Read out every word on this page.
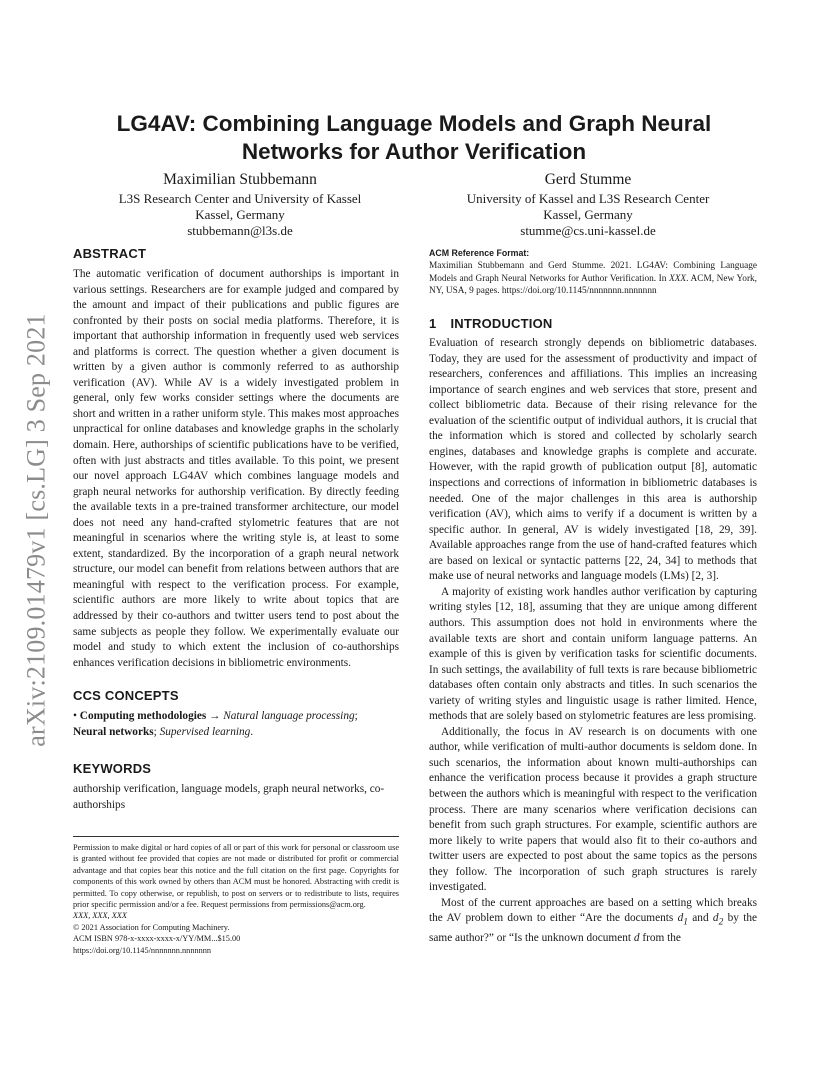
arXiv:2109.01479v1 [cs.LG] 3 Sep 2021
LG4AV: Combining Language Models and Graph Neural Networks for Author Verification
Maximilian Stubbemann
L3S Research Center and University of Kassel
Kassel, Germany
stubbemann@l3s.de
Gerd Stumme
University of Kassel and L3S Research Center
Kassel, Germany
stumme@cs.uni-kassel.de
ABSTRACT

The automatic verification of document authorships is important in various settings. Researchers are for example judged and compared by the amount and impact of their publications and public figures are confronted by their posts on social media platforms. Therefore, it is important that authorship information in frequently used web services and platforms is correct. The question whether a given document is written by a given author is commonly referred to as authorship verification (AV). While AV is a widely investigated problem in general, only few works consider settings where the documents are short and written in a rather uniform style. This makes most approaches unpractical for online databases and knowledge graphs in the scholarly domain. Here, authorships of scientific publications have to be verified, often with just abstracts and titles available. To this point, we present our novel approach LG4AV which combines language models and graph neural networks for authorship verification. By directly feeding the available texts in a pre-trained transformer architecture, our model does not need any hand-crafted stylometric features that are not meaningful in scenarios where the writing style is, at least to some extent, standardized. By the incorporation of a graph neural network structure, our model can benefit from relations between authors that are meaningful with respect to the verification process. For example, scientific authors are more likely to write about topics that are addressed by their co-authors and twitter users tend to post about the same subjects as people they follow. We experimentally evaluate our model and study to which extent the inclusion of co-authorships enhances verification decisions in bibliometric environments.

CCS CONCEPTS

• Computing methodologies → Natural language processing;
Neural networks; Supervised learning.

KEYWORDS

authorship verification, language models, graph neural networks, co-authorships

Permission to make digital or hard copies of all or part of this work for personal or classroom use is granted without fee provided that copies are not made or distributed for profit or commercial advantage and that copies bear this notice and the full citation on the first page. Copyrights for components of this work owned by others than ACM must be honored. Abstracting with credit is permitted. To copy otherwise, or republish, to post on servers or to redistribute to lists, requires prior specific permission and/or a fee. Request permissions from permissions@acm.org.

XXX, XXX, XXX

© 2021 Association for Computing Machinery.

ACM ISBN 978-x-xxxx-xxxx-x/YY/MM...$15.00

https://doi.org/10.1145/nnnnnnn.nnnnnnn

ACM Reference Format:

Maximilian Stubbemann and Gerd Stumme. 2021. LG4AV: Combining Language Models and Graph Neural Networks for Author Verification. In XXX. ACM, New York, NY, USA, 9 pages. https://doi.org/10.1145/nnnnnnn.nnnnnnn

1 INTRODUCTION

Evaluation of research strongly depends on bibliometric databases. Today, they are used for the assessment of productivity and impact of researchers, conferences and affiliations. This implies an increasing importance of search engines and web services that store, present and collect bibliometric data. Because of their rising relevance for the evaluation of the scientific output of individual authors, it is crucial that the information which is stored and collected by scholarly search engines, databases and knowledge graphs is complete and accurate. However, with the rapid growth of publication output [8], automatic inspections and corrections of information in bibliometric databases is needed. One of the major challenges in this area is authorship verification (AV), which aims to verify if a document is written by a specific author. In general, AV is widely investigated [18, 29, 39]. Available approaches range from the use of hand-crafted features which are based on lexical or syntactic patterns [22, 24, 34] to methods that make use of neural networks and language models (LMs) [2, 3].

A majority of existing work handles author verification by capturing writing styles [12, 18], assuming that they are unique among different authors. This assumption does not hold in environments where the available texts are short and contain uniform language patterns. An example of this is given by verification tasks for scientific documents. In such settings, the availability of full texts is rare because bibliometric databases often contain only abstracts and titles. In such scenarios the variety of writing styles and linguistic usage is rather limited. Hence, methods that are solely based on stylometric features are less promising.

Additionally, the focus in AV research is on documents with one author, while verification of multi-author documents is seldom done. In such scenarios, the information about known multi-authorships can enhance the verification process because it provides a graph structure between the authors which is meaningful with respect to the verification process. There are many scenarios where verification decisions can benefit from such graph structures. For example, scientific authors are more likely to write papers that would also fit to their co-authors and twitter users are expected to post about the same topics as the persons they follow. The incorporation of such graph structures is rarely investigated.

Most of the current approaches are based on a setting which breaks the AV problem down to either “Are the documents $d_1$ and $d_2$ by the same author?” or “Is the unknown document d from the
